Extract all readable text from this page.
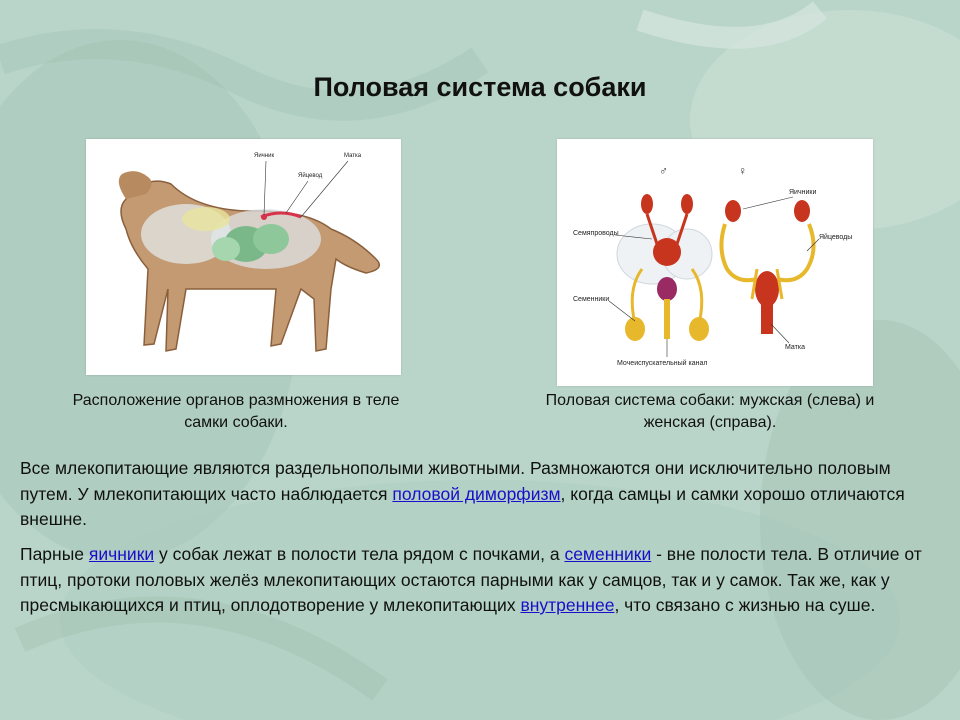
Половая система собаки
Яичник
Яйцевод
Матка
♂	♀
Семяпроводы
Семенники
Мочеиспускательный канал
Яичники
Яйцеводы
Матка
Расположение органов размножения в теле
самки собаки.
Половая система собаки: мужская (слева) и
женская (справа).
Все млекопитающие являются раздельнополыми животными. Размножаются они исключительно половым путем. У млекопитающих часто наблюдается половой диморфизм, когда самцы и самки хорошо отличаются внешне.
Парные яичники у собак лежат в полости тела рядом с почками, а семенники - вне полости тела. В отличие от птиц, протоки половых желёз млекопитающих остаются парными как у самцов, так и у самок. Так же, как у пресмыкающихся и птиц, оплодотворение у млекопитающих внутреннее, что связано с жизнью на суше.
